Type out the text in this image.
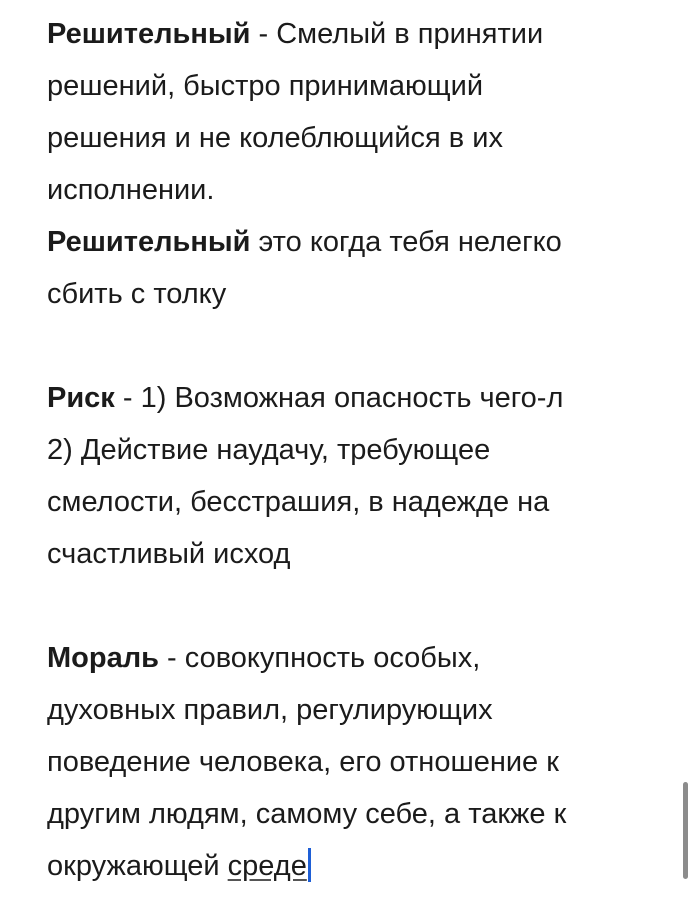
Решительный - Смелый в принятии
решений, быстро принимающий
решения и не колеблющийся в их
исполнении.
Решительный это когда тебя нелегко
сбить с толку
Риск - 1) Возможная опасность чего-л
2) Действие наудачу, требующее
смелости, бесстрашия, в надежде на
счастливый исход
Мораль - совокупность особых,
духовных правил, регулирующих
поведение человека, его отношение к
другим людям, самому себе, а также к
окружающей среде
